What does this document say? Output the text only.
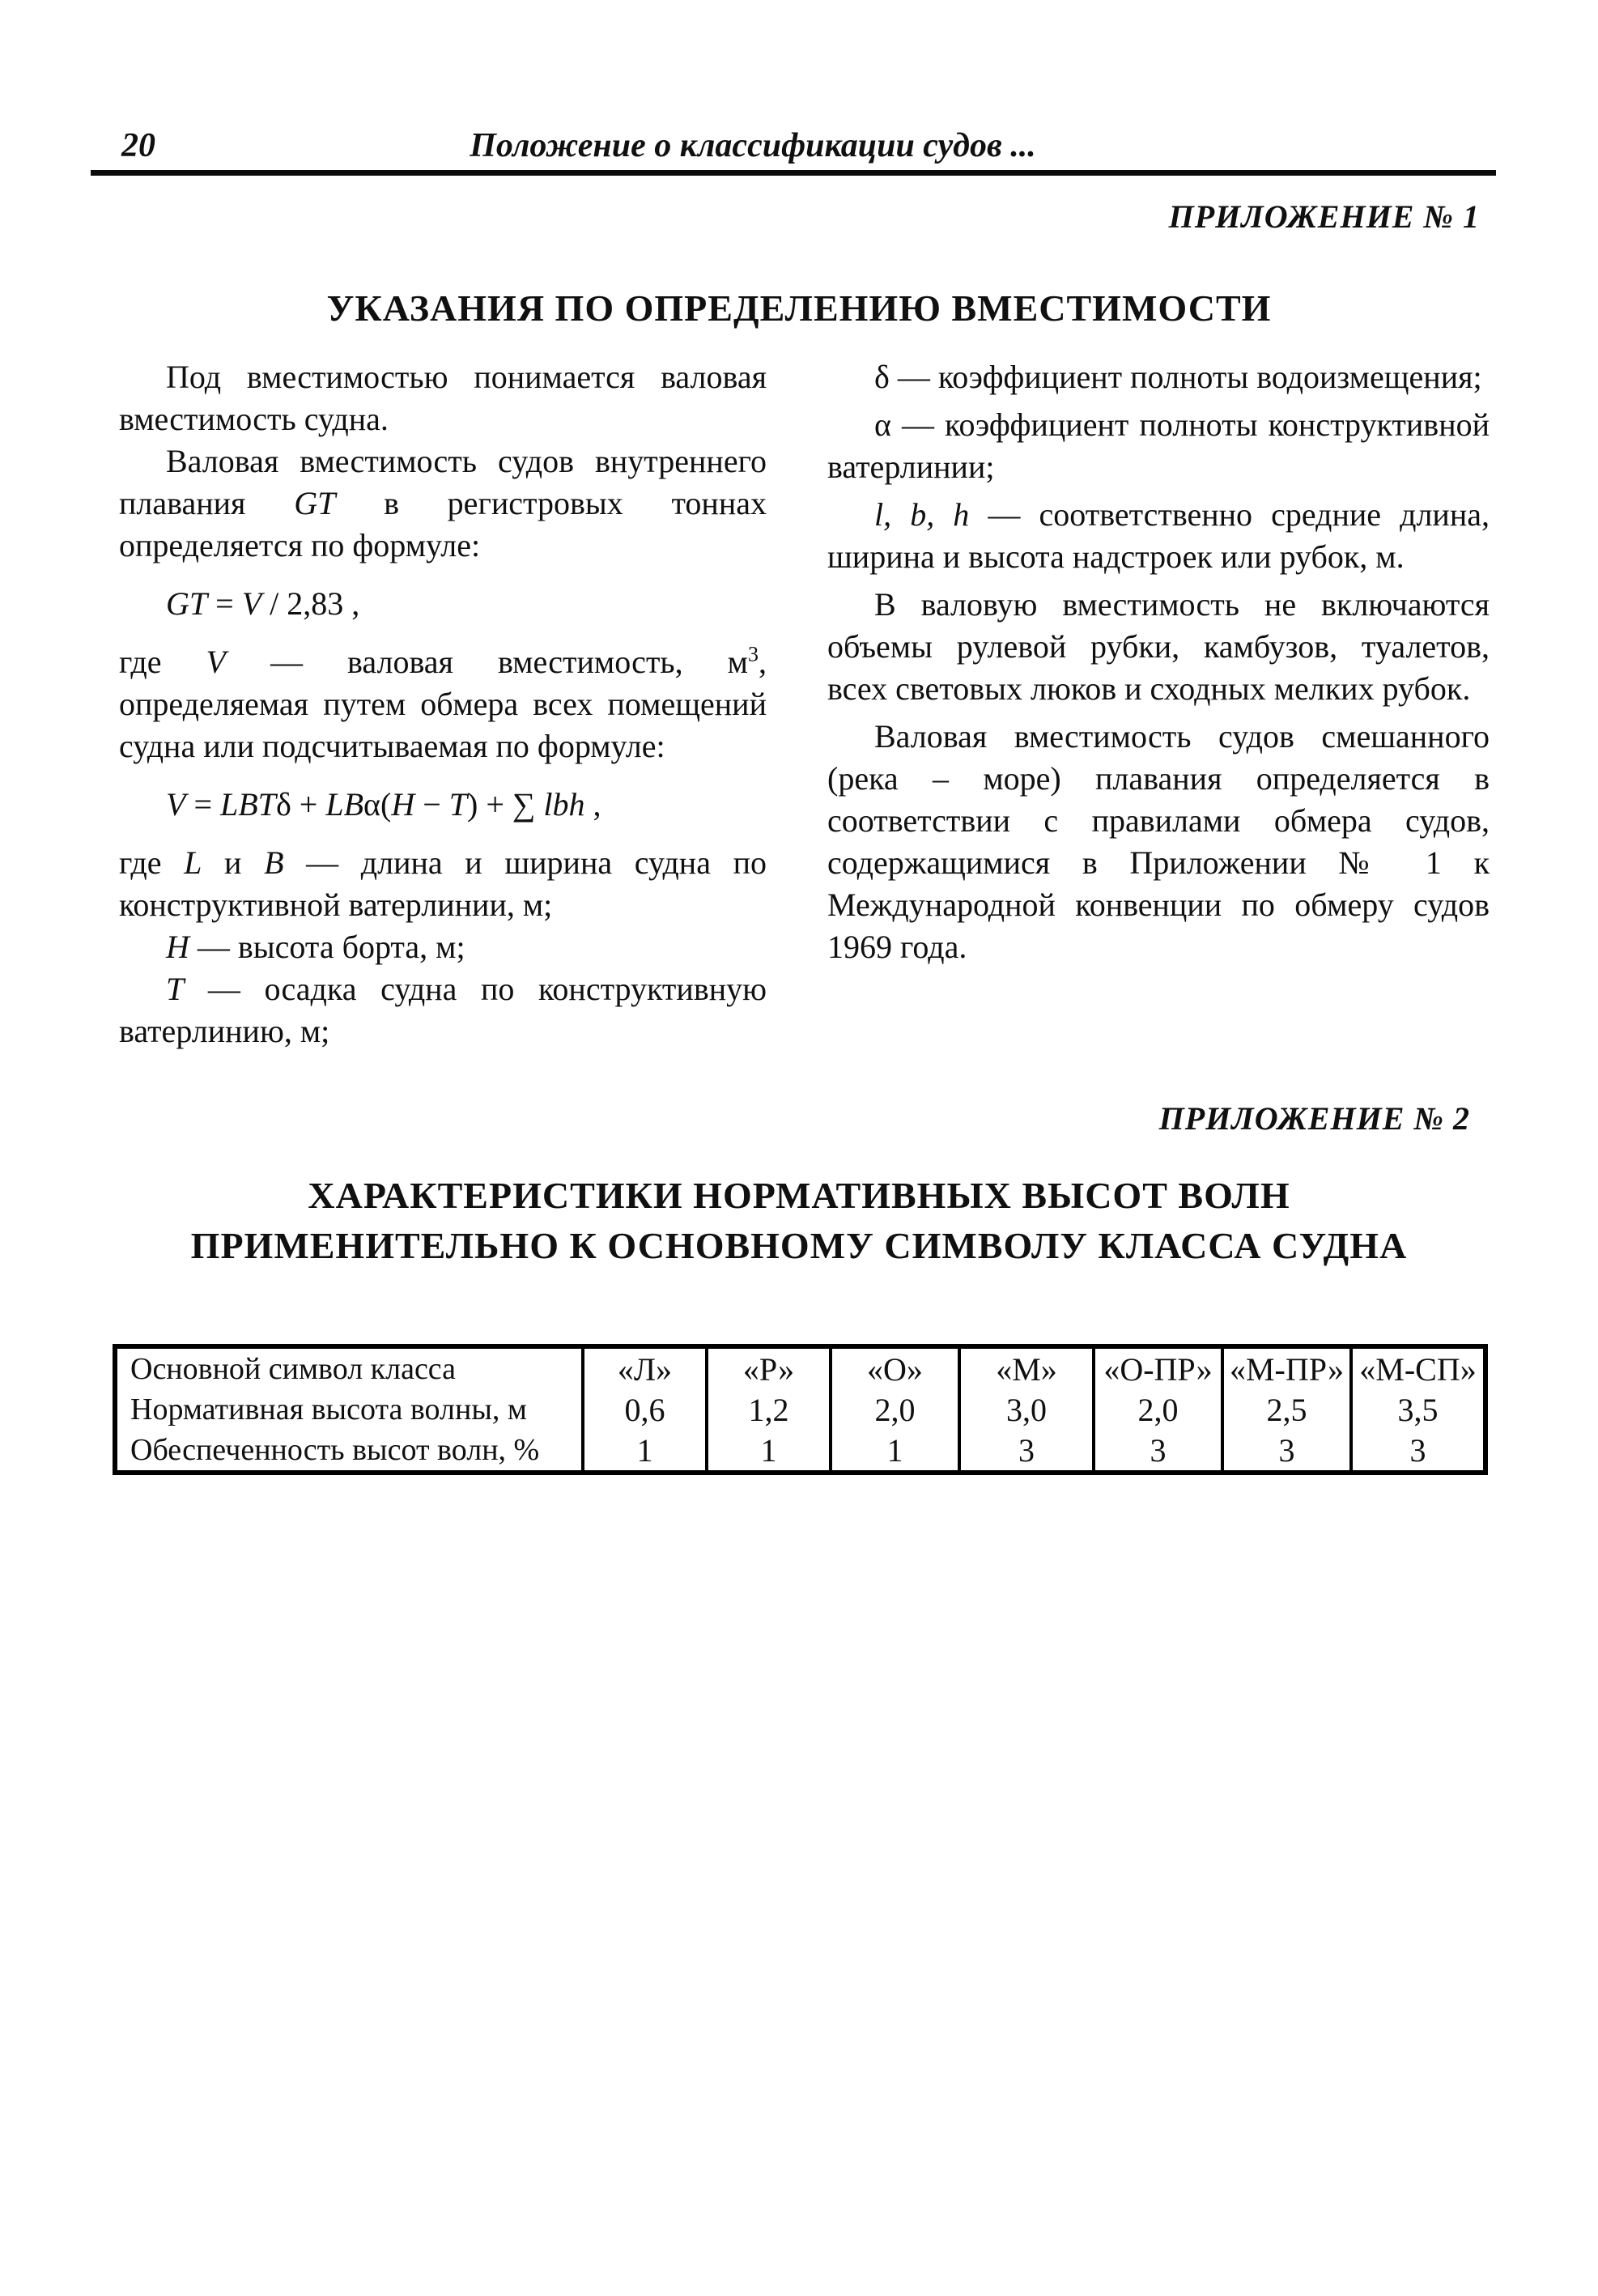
20	Положение о классификации судов ...
ПРИЛОЖЕНИЕ № 1
УКАЗАНИЯ ПО ОПРЕДЕЛЕНИЮ ВМЕСТИМОСТИ

Под вместимостью понимается валовая вместимость судна.

Валовая вместимость судов внутреннего плавания GT в регистровых тоннах определяется по формуле:

GT = V / 2,83 ,

где V — валовая вместимость, $м^3$, определяемая путем обмера всех помещений судна или подсчитываемая по формуле:

V = LBTδ + LBα(H − T) + ∑ lbh ,

где L и B — длина и ширина судна по конструктивной ватерлинии, м;

H — высота борта, м;

T — осадка судна по конструктивную ватерлинию, м;

δ — коэффициент полноты водоизмещения;

α — коэффициент полноты конструктивной ватерлинии;

l, b, h — соответственно средние длина, ширина и высота надстроек или рубок, м.

В валовую вместимость не включаются объемы рулевой рубки, камбузов, туалетов, всех световых люков и сходных мелких рубок.

Валовая вместимость судов смешанного (река – море) плавания определяется в соответствии с правилами обмера судов, содержащимися в Приложении № 1 к Международной конвенции по обмеру судов 1969 года.

ПРИЛОЖЕНИЕ № 2
ХАРАКТЕРИСТИКИ НОРМАТИВНЫХ ВЫСОТ ВОЛН
ПРИМЕНИТЕЛЬНО К ОСНОВНОМУ СИМВОЛУ КЛАССА СУДНА
Основной символ класса	«Л»	«Р»	«О»	«М»	«О-ПР»	«М-ПР»	«М-СП»
Нормативная высота волны, м	0,6	1,2	2,0	3,0	2,0	2,5	3,5
Обеспеченность высот волн, %	1	1	1	3	3	3	3
